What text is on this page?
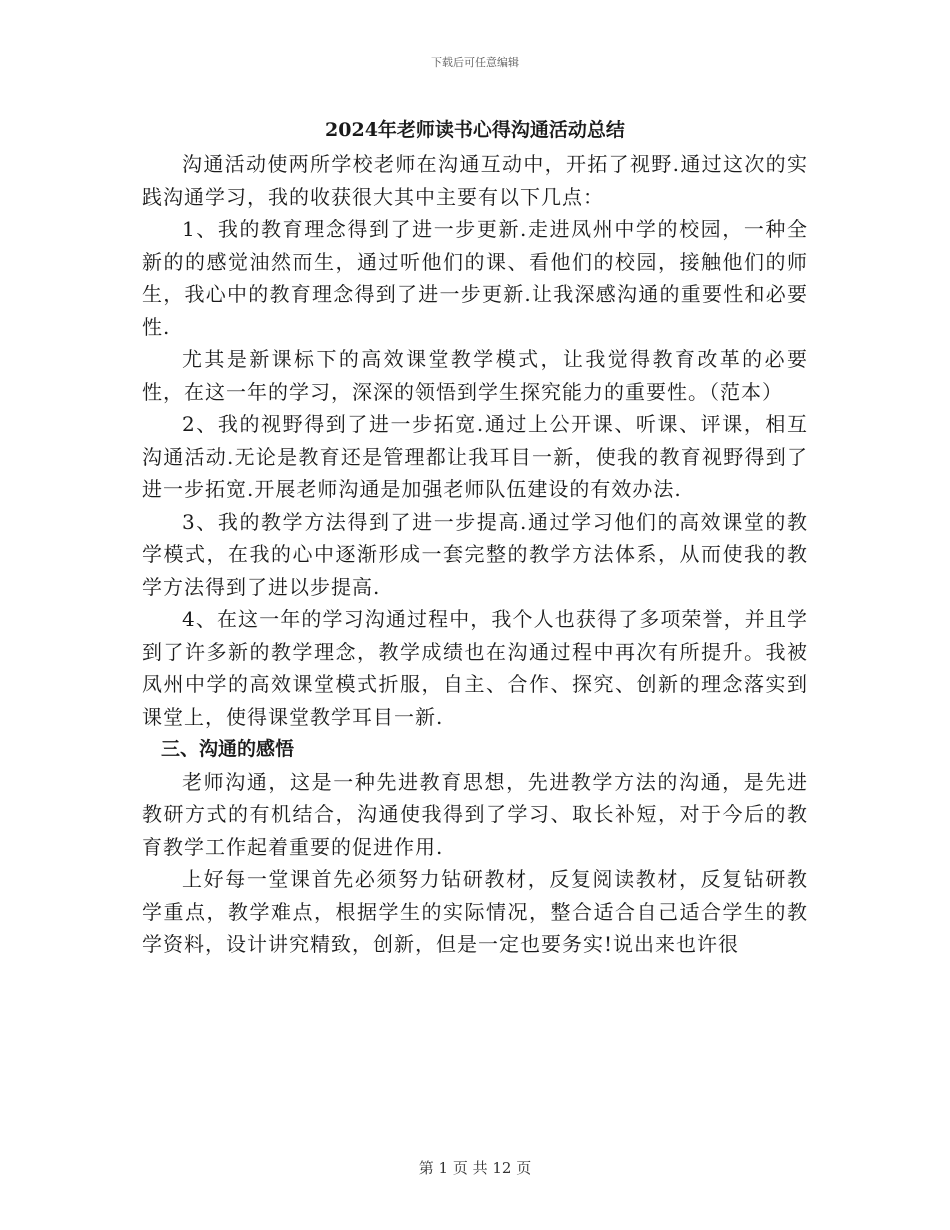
下载后可任意编辑
2024年老师读书心得沟通活动总结

沟通活动使两所学校老师在沟通互动中，开拓了视野.通过这次的实践沟通学习，我的收获很大其中主要有以下几点：

1、我的教育理念得到了进一步更新.走进凤州中学的校园，一种全新的的感觉油然而生，通过听他们的课、看他们的校园，接触他们的师生，我心中的教育理念得到了进一步更新.让我深感沟通的重要性和必要性.

尤其是新课标下的高效课堂教学模式，让我觉得教育改革的必要性，在这一年的学习，深深的领悟到学生探究能力的重要性。（范本）

2、我的视野得到了进一步拓宽.通过上公开课、听课、评课，相互沟通活动.无论是教育还是管理都让我耳目一新，使我的教育视野得到了进一步拓宽.开展老师沟通是加强老师队伍建设的有效办法.

3、我的教学方法得到了进一步提高.通过学习他们的高效课堂的教学模式，在我的心中逐渐形成一套完整的教学方法体系，从而使我的教学方法得到了进以步提高.

4、在这一年的学习沟通过程中，我个人也获得了多项荣誉，并且学到了许多新的教学理念，教学成绩也在沟通过程中再次有所提升。我被凤州中学的高效课堂模式折服，自主、合作、探究、创新的理念落实到课堂上，使得课堂教学耳目一新.

三、沟通的感悟

老师沟通，这是一种先进教育思想，先进教学方法的沟通，是先进教研方式的有机结合，沟通使我得到了学习、取长补短，对于今后的教育教学工作起着重要的促进作用.

上好每一堂课首先必须努力钻研教材，反复阅读教材，反复钻研教学重点，教学难点，根据学生的实际情况，整合适合自己适合学生的教学资料，设计讲究精致，创新，但是一定也要务实!说出来也许很

第 1 页 共 12 页
